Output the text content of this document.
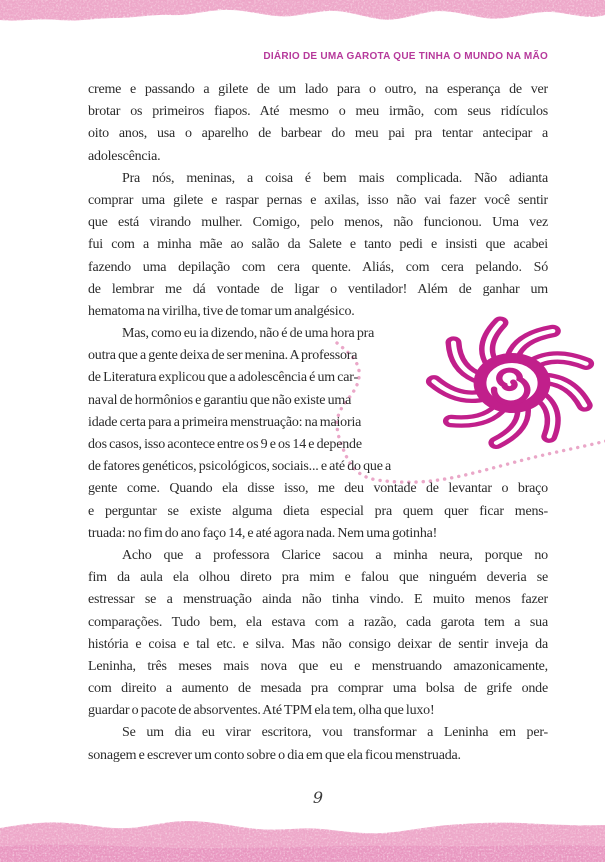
DIÁRIO DE UMA GAROTA QUE TINHA O MUNDO NA MÃO
creme e passando a gilete de um lado para o outro, na esperança de ver
brotar os primeiros fiapos. Até mesmo o meu irmão, com seus ridículos
oito anos, usa o aparelho de barbear do meu pai pra tentar antecipar a
adolescência.
Pra nós, meninas, a coisa é bem mais complicada. Não adianta
comprar uma gilete e raspar pernas e axilas, isso não vai fazer você sentir
que está virando mulher. Comigo, pelo menos, não funcionou. Uma vez
fui com a minha mãe ao salão da Salete e tanto pedi e insisti que acabei
fazendo uma depilação com cera quente. Aliás, com cera pelando. Só
de lembrar me dá vontade de ligar o ventilador! Além de ganhar um
hematoma na virilha, tive de tomar um analgésico.
Mas, como eu ia dizendo, não é de uma hora pra
outra que a gente deixa de ser menina. A professora
de Literatura explicou que a adolescência é um car-
naval de hormônios e garantiu que não existe uma
idade certa para a primeira menstruação: na maioria
dos casos, isso acontece entre os 9 e os 14 e depende
de fatores genéticos, psicológicos, sociais... e até do que a
gente come. Quando ela disse isso, me deu vontade de levantar o braço
e perguntar se existe alguma dieta especial pra quem quer ficar mens-
truada: no fim do ano faço 14, e até agora nada. Nem uma gotinha!
Acho que a professora Clarice sacou a minha neura, porque no
fim da aula ela olhou direto pra mim e falou que ninguém deveria se
estressar se a menstruação ainda não tinha vindo. E muito menos fazer
comparações. Tudo bem, ela estava com a razão, cada garota tem a sua
história e coisa e tal etc. e silva. Mas não consigo deixar de sentir inveja da
Leninha, três meses mais nova que eu e menstruando amazonicamente,
com direito a aumento de mesada pra comprar uma bolsa de grife onde
guardar o pacote de absorventes. Até TPM ela tem, olha que luxo!
Se um dia eu virar escritora, vou transformar a Leninha em per-
sonagem e escrever um conto sobre o dia em que ela ficou menstruada.
9
